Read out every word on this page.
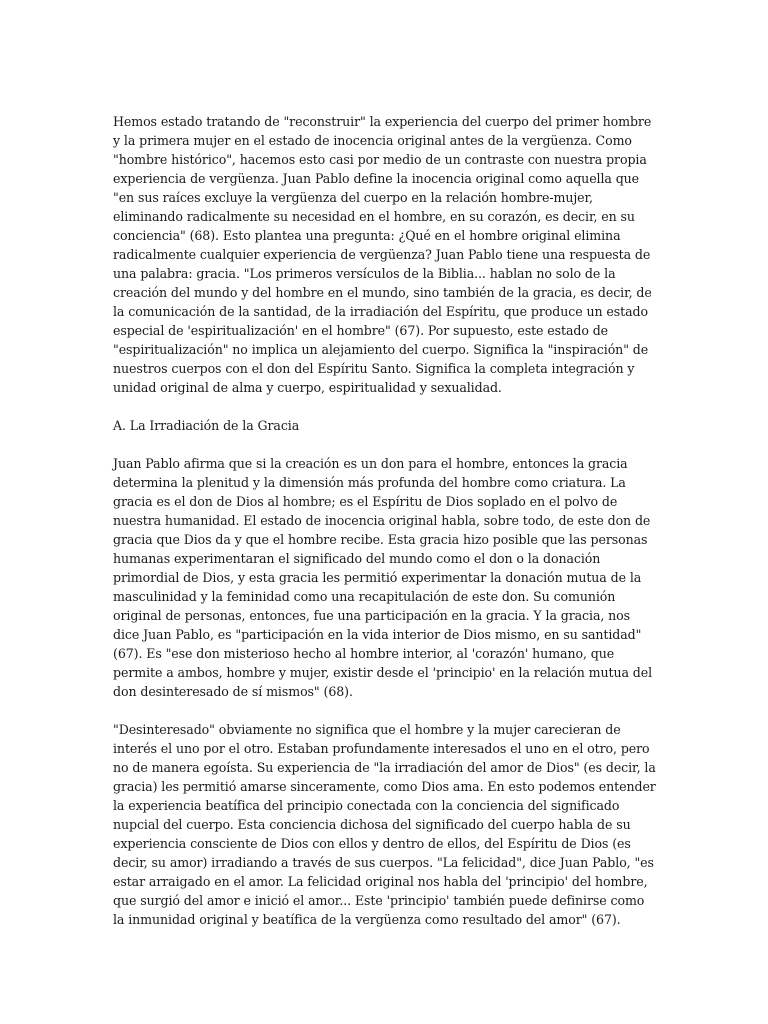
Hemos estado tratando de "reconstruir" la experiencia del cuerpo del primer hombre y la primera mujer en el estado de inocencia original antes de la vergüenza. Como "hombre histórico", hacemos esto casi por medio de un contraste con nuestra propia experiencia de vergüenza. Juan Pablo define la inocencia original como aquella que "en sus raíces excluye la vergüenza del cuerpo en la relación hombre-mujer, eliminando radicalmente su necesidad en el hombre, en su corazón, es decir, en su conciencia" (68). Esto plantea una pregunta: ¿Qué en el hombre original elimina radicalmente cualquier experiencia de vergüenza? Juan Pablo tiene una respuesta de una palabra: gracia. "Los primeros versículos de la Biblia... hablan no solo de la creación del mundo y del hombre en el mundo, sino también de la gracia, es decir, de la comunicación de la santidad, de la irradiación del Espíritu, que produce un estado especial de 'espiritualización' en el hombre" (67). Por supuesto, este estado de "espiritualización" no implica un alejamiento del cuerpo. Significa la "inspiración" de nuestros cuerpos con el don del Espíritu Santo. Significa la completa integración y unidad original de alma y cuerpo, espiritualidad y sexualidad.

A. La Irradiación de la Gracia

Juan Pablo afirma que si la creación es un don para el hombre, entonces la gracia determina la plenitud y la dimensión más profunda del hombre como criatura. La gracia es el don de Dios al hombre; es el Espíritu de Dios soplado en el polvo de nuestra humanidad. El estado de inocencia original habla, sobre todo, de este don de gracia que Dios da y que el hombre recibe. Esta gracia hizo posible que las personas humanas experimentaran el significado del mundo como el don o la donación primordial de Dios, y esta gracia les permitió experimentar la donación mutua de la masculinidad y la feminidad como una recapitulación de este don. Su comunión original de personas, entonces, fue una participación en la gracia. Y la gracia, nos dice Juan Pablo, es "participación en la vida interior de Dios mismo, en su santidad" (67). Es "ese don misterioso hecho al hombre interior, al 'corazón' humano, que permite a ambos, hombre y mujer, existir desde el 'principio' en la relación mutua del don desinteresado de sí mismos" (68).

"Desinteresado" obviamente no significa que el hombre y la mujer carecieran de interés el uno por el otro. Estaban profundamente interesados el uno en el otro, pero no de manera egoísta. Su experiencia de "la irradiación del amor de Dios" (es decir, la gracia) les permitió amarse sinceramente, como Dios ama. En esto podemos entender la experiencia beatífica del principio conectada con la conciencia del significado nupcial del cuerpo. Esta conciencia dichosa del significado del cuerpo habla de su experiencia consciente de Dios con ellos y dentro de ellos, del Espíritu de Dios (es decir, su amor) irradiando a través de sus cuerpos. "La felicidad", dice Juan Pablo, "es estar arraigado en el amor. La felicidad original nos habla del 'principio' del hombre, que surgió del amor e inició el amor... Este 'principio' también puede definirse como la inmunidad original y beatífica de la vergüenza como resultado del amor" (67).
